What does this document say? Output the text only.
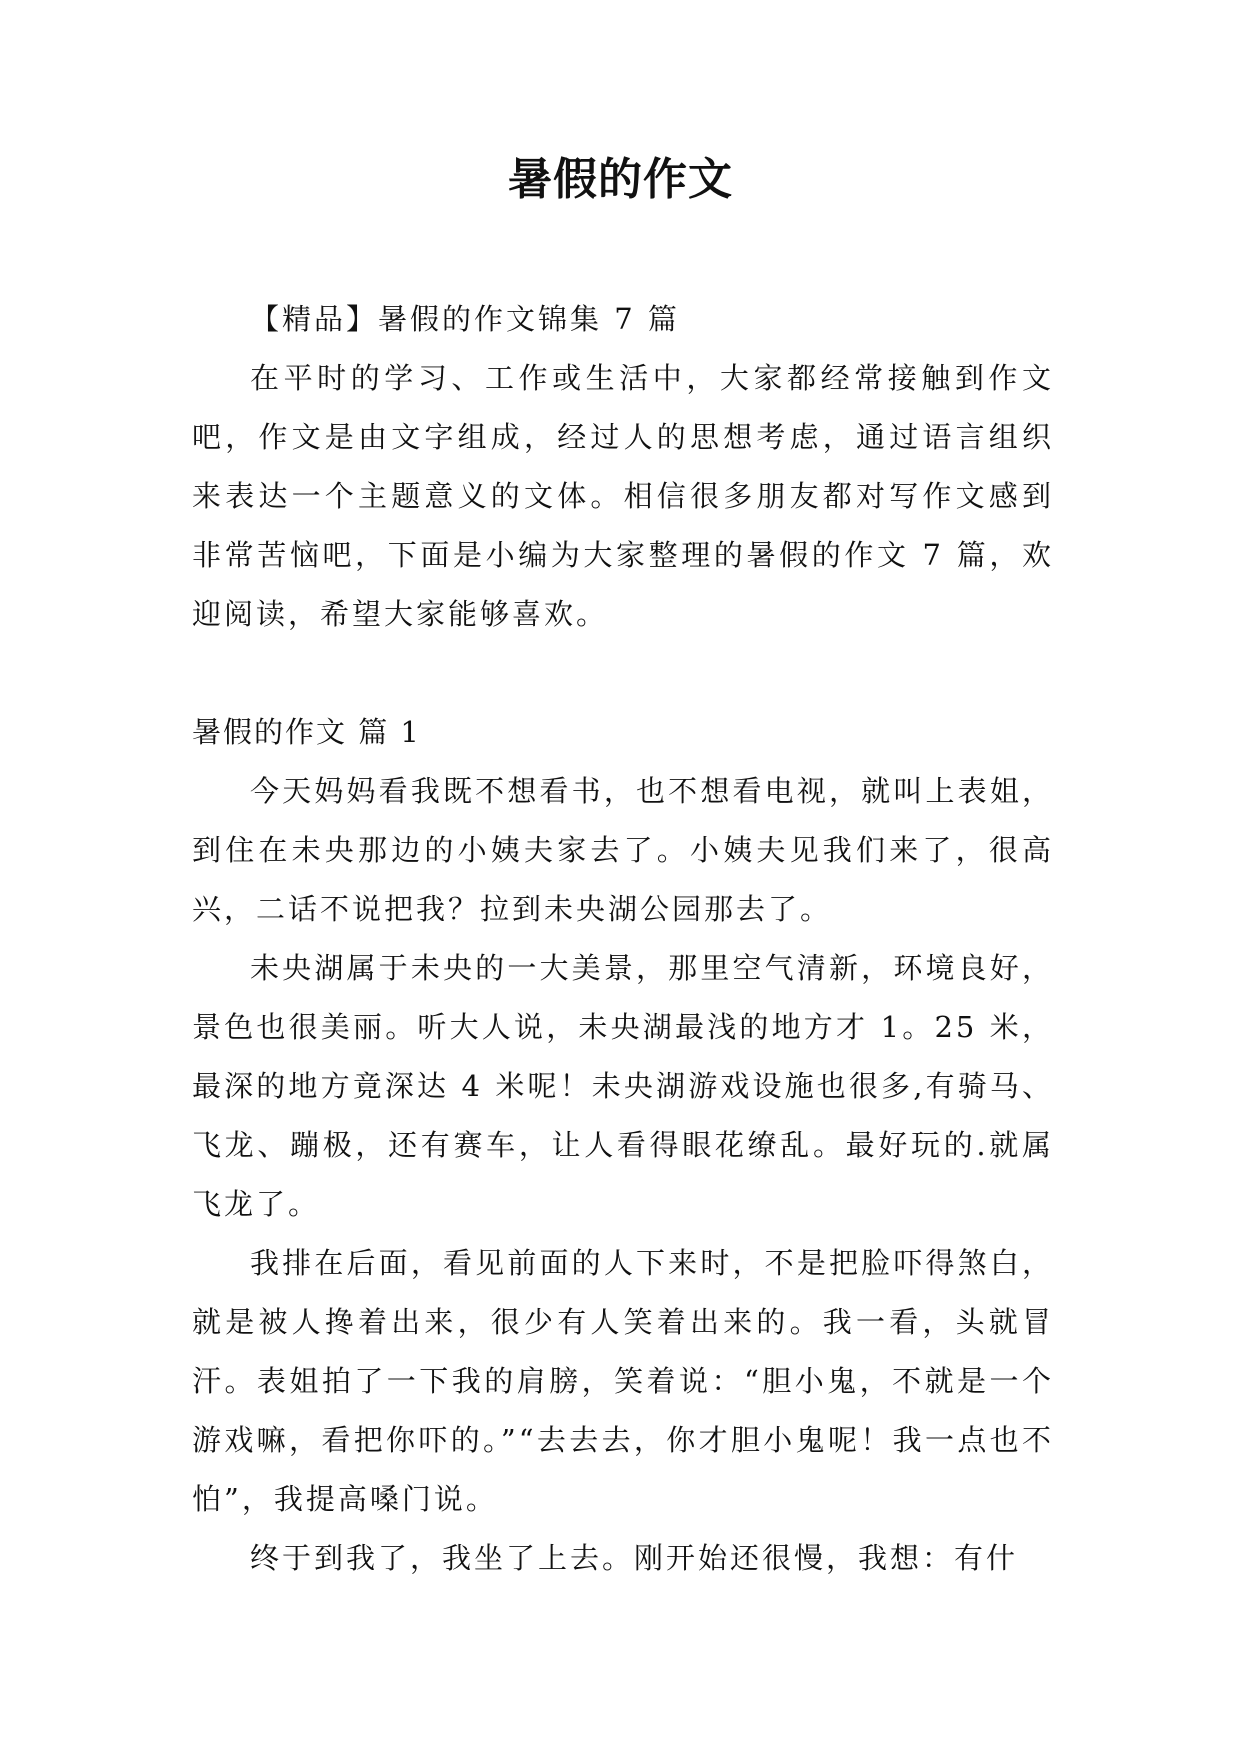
暑假的作文

【精品】暑假的作文锦集 7 篇

在平时的学习、工作或生活中，大家都经常接触到作文吧，作文是由文字组成，经过人的思想考虑，通过语言组织来表达一个主题意义的文体。相信很多朋友都对写作文感到非常苦恼吧，下面是小编为大家整理的暑假的作文 7 篇，欢迎阅读，希望大家能够喜欢。

暑假的作文 篇 1

今天妈妈看我既不想看书，也不想看电视，就叫上表姐，到住在未央那边的小姨夫家去了。小姨夫见我们来了，很高兴，二话不说把我？拉到未央湖公园那去了。

未央湖属于未央的一大美景，那里空气清新，环境良好，景色也很美丽。听大人说，未央湖最浅的地方才 1。25 米，最深的地方竟深达 4 米呢！未央湖游戏设施也很多,有骑马、飞龙、蹦极，还有赛车，让人看得眼花缭乱。最好玩的.就属飞龙了。

我排在后面，看见前面的人下来时，不是把脸吓得煞白，就是被人搀着出来，很少有人笑着出来的。我一看，头就冒汗。表姐拍了一下我的肩膀，笑着说：“胆小鬼，不就是一个游戏嘛，看把你吓的。”“去去去，你才胆小鬼呢！我一点也不怕”，我提高嗓门说。

终于到我了，我坐了上去。刚开始还很慢，我想：有什
